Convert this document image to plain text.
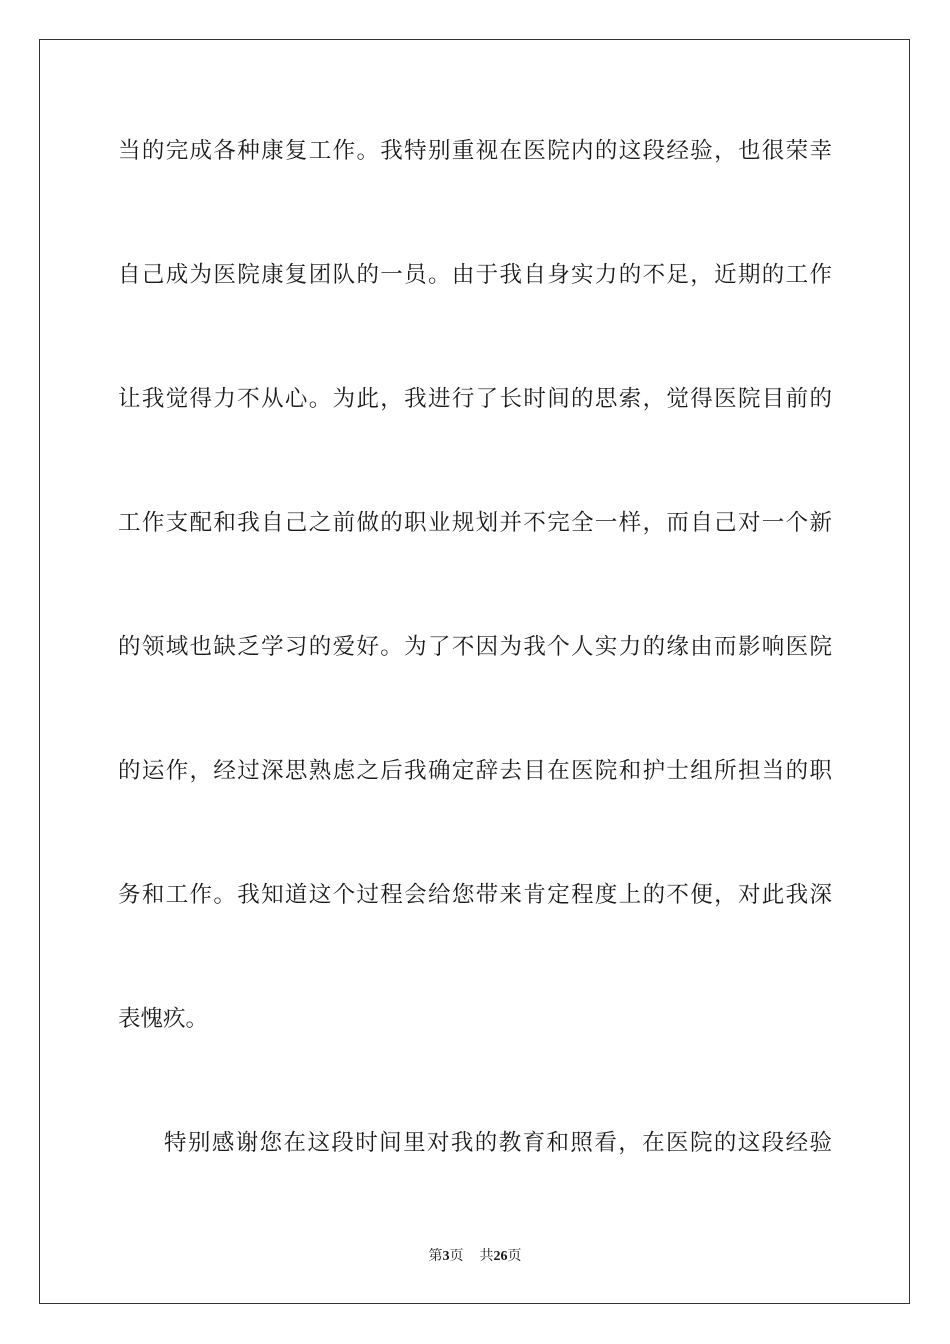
当的完成各种康复工作。我特别重视在医院内的这段经验，也很荣幸
自己成为医院康复团队的一员。由于我自身实力的不足，近期的工作
让我觉得力不从心。为此，我进行了长时间的思索，觉得医院目前的
工作支配和我自己之前做的职业规划并不完全一样，而自己对一个新
的领域也缺乏学习的爱好。为了不因为我个人实力的缘由而影响医院
的运作，经过深思熟虑之后我确定辞去目在医院和护士组所担当的职
务和工作。我知道这个过程会给您带来肯定程度上的不便，对此我深
表愧疚。
特别感谢您在这段时间里对我的教育和照看，在医院的这段经验
第3页 共26页
